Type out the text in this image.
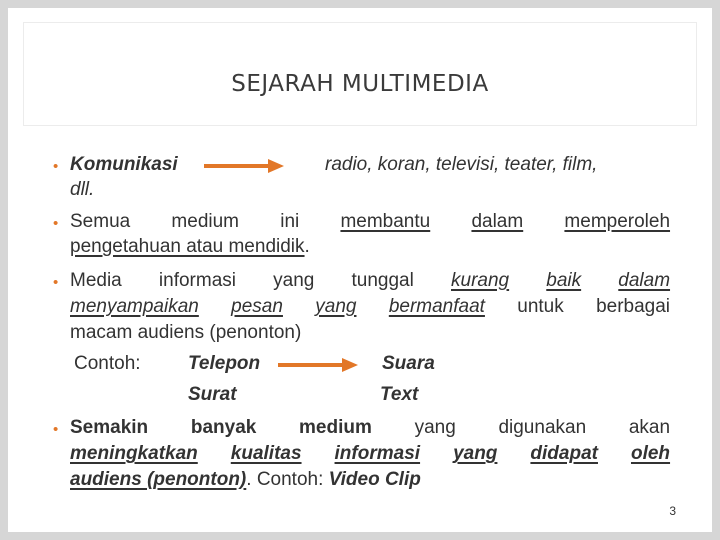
SEJARAH MULTIMEDIA
• Komunikasi	radio, koran, televisi, teater, film,
dll.
• Semua medium ini membantu dalam memperoleh
pengetahuan atau mendidik.
• Media informasi yang tunggal kurang baik dalam
menyampaikan pesan yang bermanfaat untuk berbagai
macam audiens (penonton)
Contoh: Telepon	Suara
Surat	Text
• Semakin banyak medium yang digunakan akan
meningkatkan kualitas informasi yang didapat oleh
audiens (penonton). Contoh: Video Clip
3
